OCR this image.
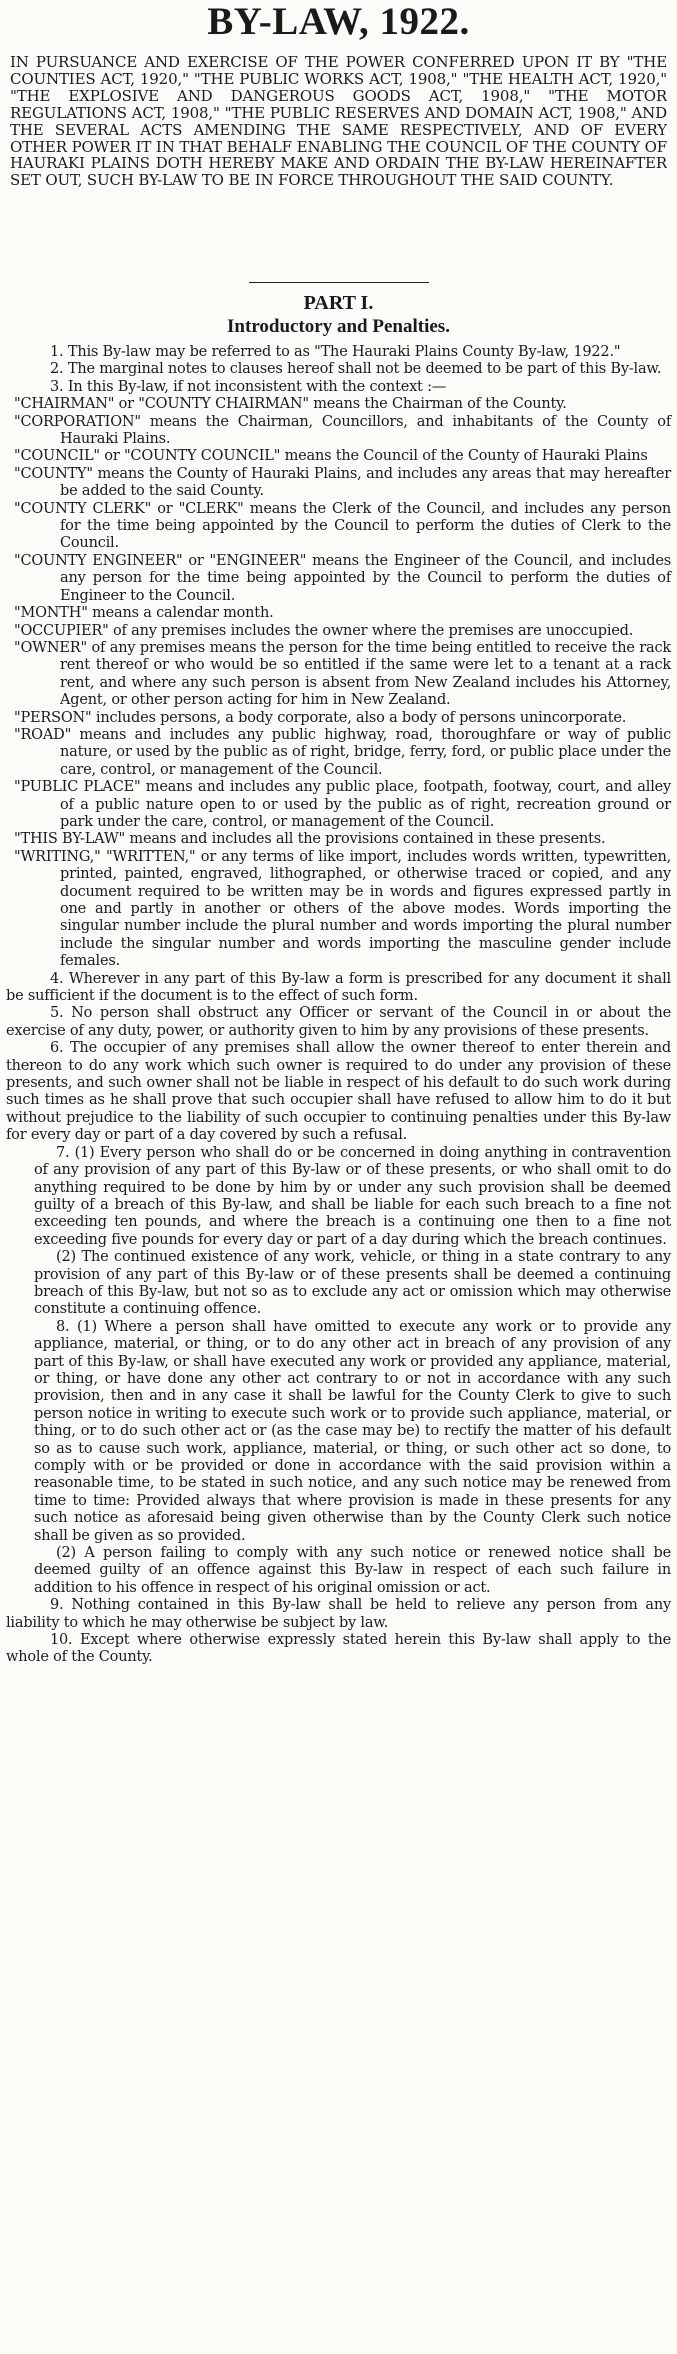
BY-LAW, 1922.

IN PURSUANCE AND EXERCISE OF THE POWER CONFERRED UPON IT BY "THE COUNTIES ACT, 1920," "THE PUBLIC WORKS ACT, 1908," "THE HEALTH ACT, 1920," "THE EXPLOSIVE AND DANGEROUS GOODS ACT, 1908," "THE MOTOR REGULATIONS ACT, 1908," "THE PUBLIC RESERVES AND DOMAIN ACT, 1908," AND THE SEVERAL ACTS AMENDING THE SAME RESPECTIVELY, AND OF EVERY OTHER POWER IT IN THAT BEHALF ENABLING THE COUNCIL OF THE COUNTY OF HAURAKI PLAINS DOTH HEREBY MAKE AND ORDAIN THE BY-LAW HEREINAFTER SET OUT, SUCH BY-LAW TO BE IN FORCE THROUGHOUT THE SAID COUNTY.

PART I.
Introductory and Penalties.

1. This By-law may be referred to as "The Hauraki Plains County By-law, 1922."

2. The marginal notes to clauses hereof shall not be deemed to be part of this By-law.

3. In this By-law, if not inconsistent with the context :—

"CHAIRMAN" or "COUNTY CHAIRMAN" means the Chairman of the County.

"CORPORATION" means the Chairman, Councillors, and inhabitants of the County of Hauraki Plains.

"COUNCIL" or "COUNTY COUNCIL" means the Council of the County of Hauraki Plains

"COUNTY" means the County of Hauraki Plains, and includes any areas that may hereafter be added to the said County.

"COUNTY CLERK" or "CLERK" means the Clerk of the Council, and includes any person for the time being appointed by the Council to perform the duties of Clerk to the Council.

"COUNTY ENGINEER" or "ENGINEER" means the Engineer of the Council, and includes any person for the time being appointed by the Council to perform the duties of Engineer to the Council.

"MONTH" means a calendar month.

"OCCUPIER" of any premises includes the owner where the premises are unoccupied.

"OWNER" of any premises means the person for the time being entitled to receive the rack rent thereof or who would be so entitled if the same were let to a tenant at a rack rent, and where any such person is absent from New Zealand includes his Attorney, Agent, or other person acting for him in New Zealand.

"PERSON" includes persons, a body corporate, also a body of persons unincorporate.

"ROAD" means and includes any public highway, road, thoroughfare or way of public nature, or used by the public as of right, bridge, ferry, ford, or public place under the care, control, or management of the Council.

"PUBLIC PLACE" means and includes any public place, footpath, footway, court, and alley of a public nature open to or used by the public as of right, recreation ground or park under the care, control, or management of the Council.

"THIS BY-LAW" means and includes all the provisions contained in these presents.

"WRITING," "WRITTEN," or any terms of like import, includes words written, typewritten, printed, painted, engraved, lithographed, or otherwise traced or copied, and any document required to be written may be in words and figures expressed partly in one and partly in another or others of the above modes. Words importing the singular number include the plural number and words importing the plural number include the singular number and words importing the masculine gender include females.

4. Wherever in any part of this By-law a form is prescribed for any document it shall be sufficient if the document is to the effect of such form.

5. No person shall obstruct any Officer or servant of the Council in or about the exercise of any duty, power, or authority given to him by any provisions of these presents.

6. The occupier of any premises shall allow the owner thereof to enter therein and thereon to do any work which such owner is required to do under any provision of these presents, and such owner shall not be liable in respect of his default to do such work during such times as he shall prove that such occupier shall have refused to allow him to do it but without prejudice to the liability of such occupier to continuing penalties under this By-law for every day or part of a day covered by such a refusal.

7. (1) Every person who shall do or be concerned in doing anything in contravention of any provision of any part of this By-law or of these presents, or who shall omit to do anything required to be done by him by or under any such provision shall be deemed guilty of a breach of this By-law, and shall be liable for each such breach to a fine not exceeding ten pounds, and where the breach is a continuing one then to a fine not exceeding five pounds for every day or part of a day during which the breach continues.

(2) The continued existence of any work, vehicle, or thing in a state contrary to any provision of any part of this By-law or of these presents shall be deemed a continuing breach of this By-law, but not so as to exclude any act or omission which may otherwise constitute a continuing offence.

8. (1) Where a person shall have omitted to execute any work or to provide any appliance, material, or thing, or to do any other act in breach of any provision of any part of this By-law, or shall have executed any work or provided any appliance, material, or thing, or have done any other act contrary to or not in accordance with any such provision, then and in any case it shall be lawful for the County Clerk to give to such person notice in writing to execute such work or to provide such appliance, material, or thing, or to do such other act or (as the case may be) to rectify the matter of his default so as to cause such work, appliance, material, or thing, or such other act so done, to comply with or be provided or done in accordance with the said provision within a reasonable time, to be stated in such notice, and any such notice may be renewed from time to time: Provided always that where provision is made in these presents for any such notice as aforesaid being given otherwise than by the County Clerk such notice shall be given as so provided.

(2) A person failing to comply with any such notice or renewed notice shall be deemed guilty of an offence against this By-law in respect of each such failure in addition to his offence in respect of his original omission or act.

9. Nothing contained in this By-law shall be held to relieve any person from any liability to which he may otherwise be subject by law.

10. Except where otherwise expressly stated herein this By-law shall apply to the whole of the County.
